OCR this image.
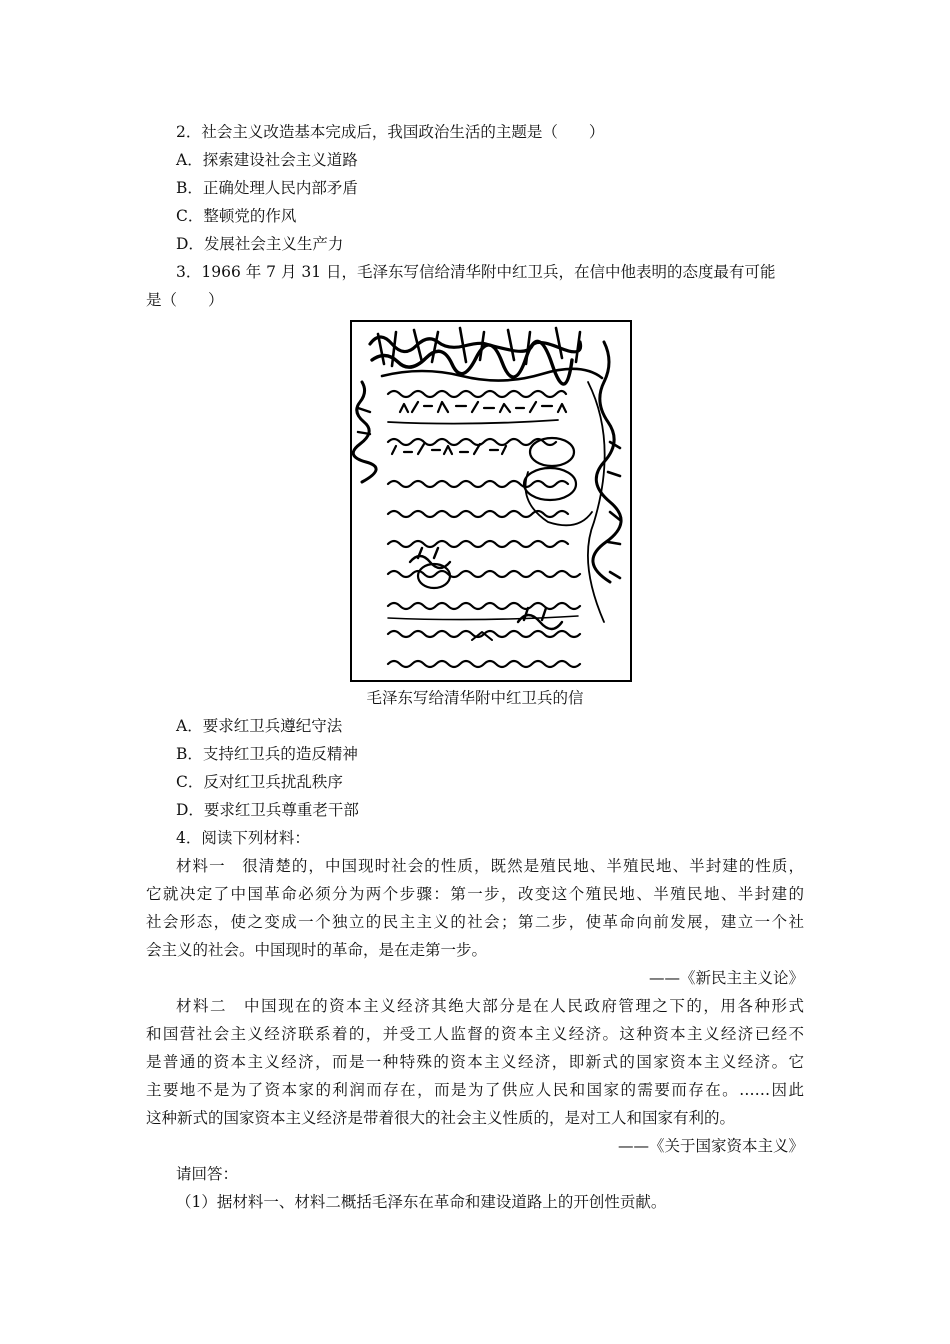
2．社会主义改造基本完成后，我国政治生活的主题是（　　）
A．探索建设社会主义道路
B．正确处理人民内部矛盾
C．整顿党的作风
D．发展社会主义生产力
3．1966 年 7 月 31 日，毛泽东写信给清华附中红卫兵，在信中他表明的态度最有可能
是（　　）
毛泽东写给清华附中红卫兵的信
A．要求红卫兵遵纪守法
B．支持红卫兵的造反精神
C．反对红卫兵扰乱秩序
D．要求红卫兵尊重老干部
4．阅读下列材料：
材料一　很清楚的，中国现时社会的性质，既然是殖民地、半殖民地、半封建的性质，
它就决定了中国革命必须分为两个步骤：第一步，改变这个殖民地、半殖民地、半封建的
社会形态，使之变成一个独立的民主主义的社会；第二步，使革命向前发展，建立一个社
会主义的社会。中国现时的革命，是在走第一步。
——《新民主主义论》
材料二　中国现在的资本主义经济其绝大部分是在人民政府管理之下的，用各种形式
和国营社会主义经济联系着的，并受工人监督的资本主义经济。这种资本主义经济已经不
是普通的资本主义经济，而是一种特殊的资本主义经济，即新式的国家资本主义经济。它
主要地不是为了资本家的利润而存在，而是为了供应人民和国家的需要而存在。……因此
这种新式的国家资本主义经济是带着很大的社会主义性质的，是对工人和国家有利的。
——《关于国家资本主义》
请回答：
（1）据材料一、材料二概括毛泽东在革命和建设道路上的开创性贡献。
